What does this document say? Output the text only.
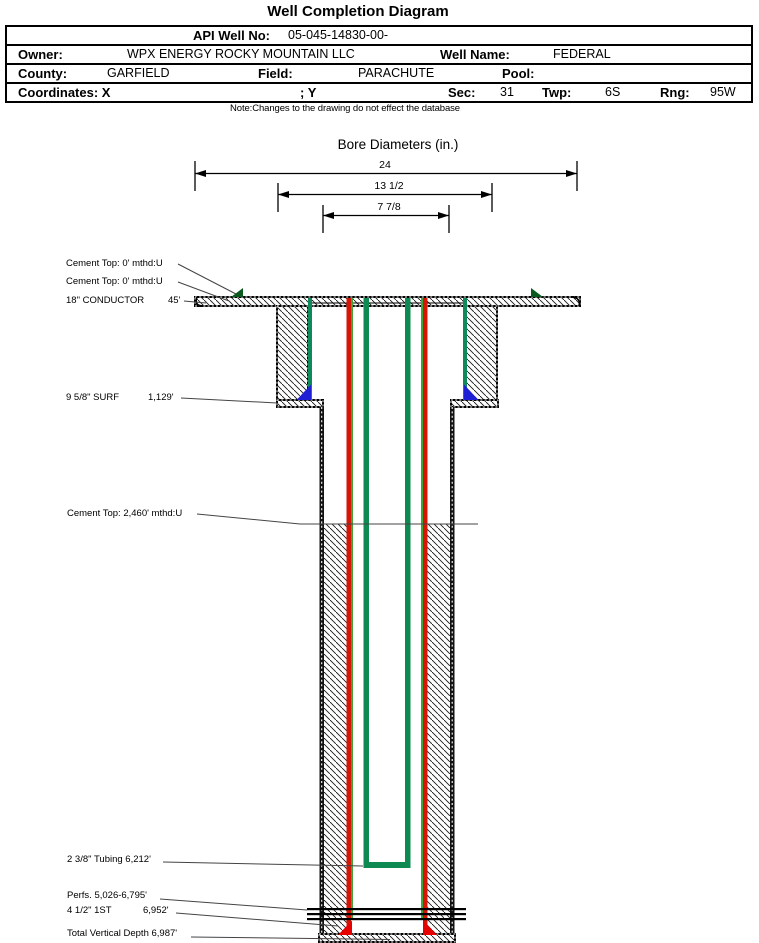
Well Completion Diagram
API Well No: 05-045-14830-00-
Owner:	WPX ENERGY ROCKY MOUNTAIN LLC	Well Name:	FEDERAL
County:	GARFIELD	Field:	PARACHUTE	Pool:
Coordinates: X	; Y	Sec: 31 Twp:	6S	Rng: 95W
Note:Changes to the drawing do not effect the database
Bore Diameters (in.)
24
13 1/2
7 7/8
Cement Top: 0' mthd:U
Cement Top: 0' mthd:U
18" CONDUCTOR	45'
9 5/8" SURF	1,129'
Cement Top: 2,460' mthd:U
2 3/8" Tubing 6,212'
Perfs. 5,026-6,795'
4 1/2" 1ST	6,952'
Total Vertical Depth 6,987'
